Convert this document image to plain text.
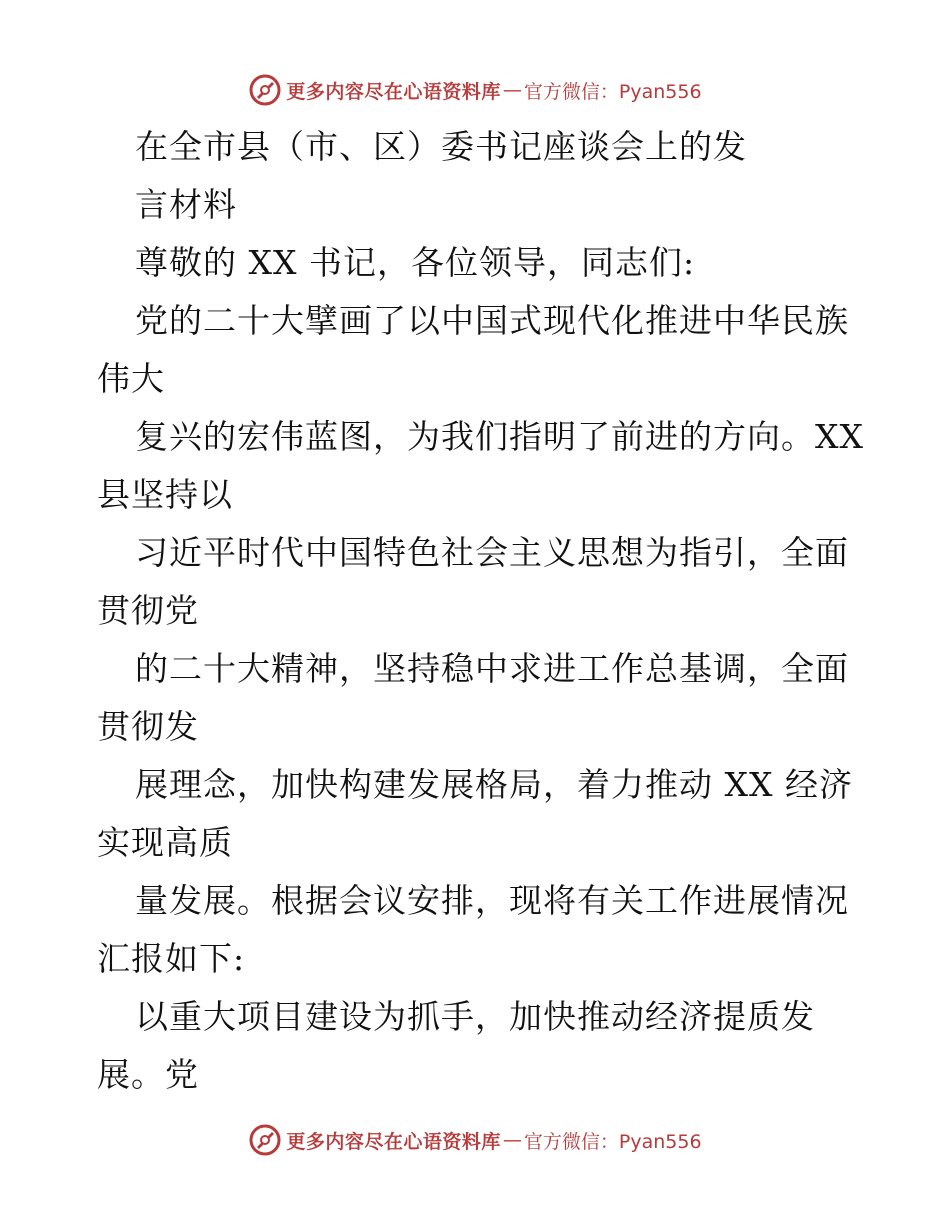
更多内容尽在心语资料库 — 官方微信：Pyan556
在全市县（市、区）委书记座谈会上的发
言材料
尊敬的 XX 书记，各位领导，同志们:
党的二十大擘画了以中国式现代化推进中华民族
伟大
复兴的宏伟蓝图，为我们指明了前进的方向。XX
县坚持以
习近平时代中国特色社会主义思想为指引，全面
贯彻党
的二十大精神，坚持稳中求进工作总基调，全面
贯彻发
展理念，加快构建发展格局，着力推动 XX 经济
实现高质
量发展。根据会议安排，现将有关工作进展情况
汇报如下:
以重大项目建设为抓手，加快推动经济提质发
展。党
更多内容尽在心语资料库 — 官方微信：Pyan556
